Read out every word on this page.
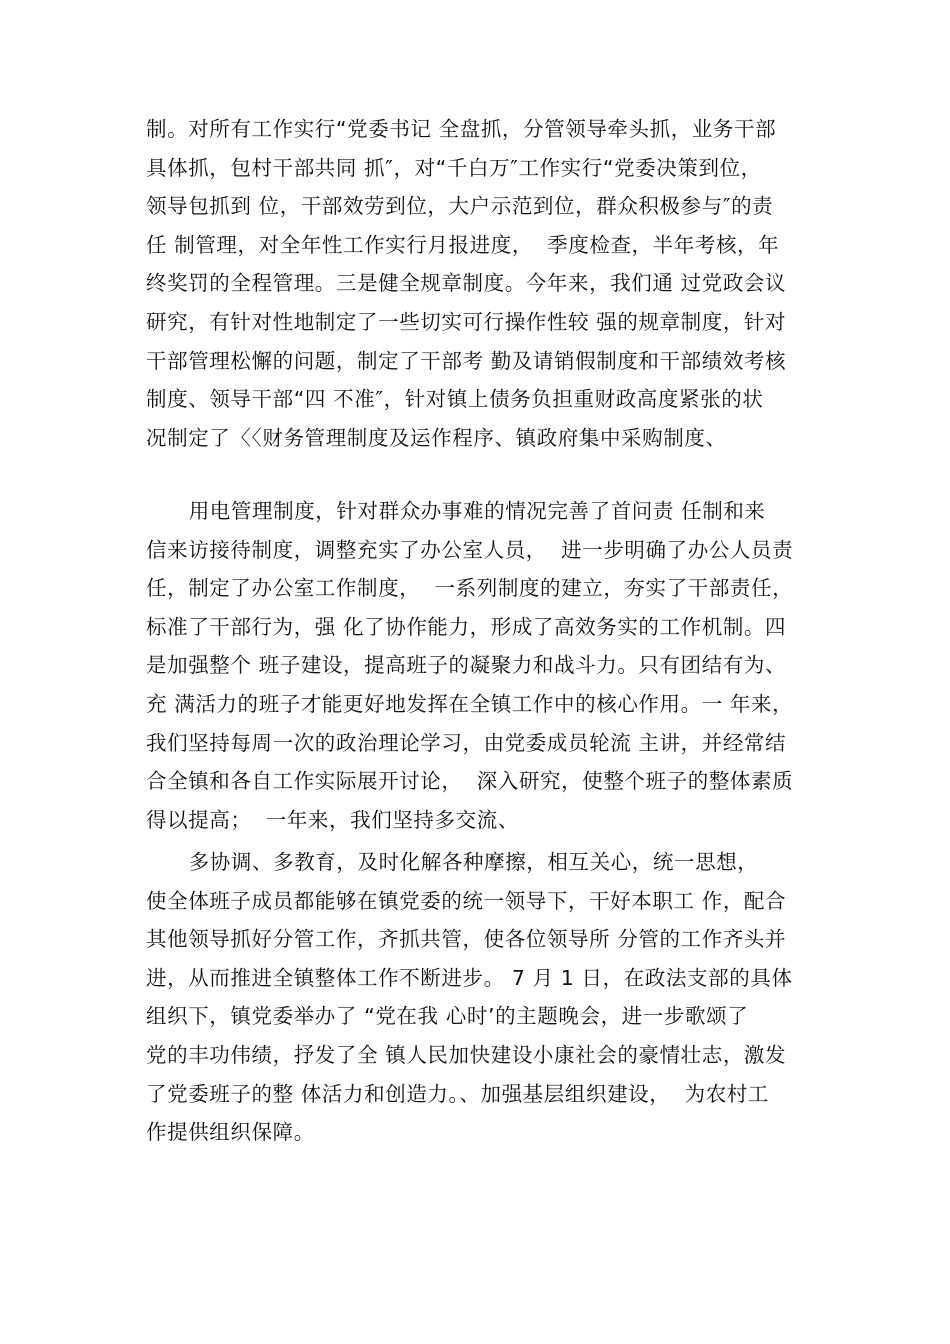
制。对所有工作实行“党委书记 全盘抓，分管领导牵头抓，业务干部
具体抓，包村干部共同 抓″，对“千白万″工作实行“党委决策到位，
领导包抓到 位，干部效劳到位，大户示范到位，群众积极参与″的责
任 制管理，对全年性工作实行月报进度，  季度检查，半年考核，年
终奖罚的全程管理。三是健全规章制度。今年来，我们通 过党政会议
研究，有针对性地制定了一些切实可行操作性较 强的规章制度，针对
干部管理松懈的问题，制定了干部考 勤及请销假制度和干部绩效考核
制度、领导干部“四 不准″，针对镇上债务负担重财政高度紧张的状
况制定了〈〈财务管理制度及运作程序、镇政府集中采购制度、
用电管理制度，针对群众办事难的情况完善了首问责 任制和来
信来访接待制度，调整充实了办公室人员，  进一步明确了办公人员责
任，制定了办公室工作制度，  一系列制度的建立，夯实了干部责任，
标准了干部行为，强 化了协作能力，形成了高效务实的工作机制。四
是加强整个 班子建设，提高班子的凝聚力和战斗力。只有团结有为、
充 满活力的班子才能更好地发挥在全镇工作中的核心作用。一 年来，
我们坚持每周一次的政治理论学习，由党委成员轮流 主讲，并经常结
合全镇和各自工作实际展开讨论，  深入研究，使整个班子的整体素质
得以提高；  一年来，我们坚持多交流、
多协调、多教育，及时化解各种摩擦，相互关心，统一思想，
使全体班子成员都能够在镇党委的统一领导下，干好本职工 作，配合
其他领导抓好分管工作，齐抓共管，使各位领导所 分管的工作齐头并
进，从而推进全镇整体工作不断进步。 7 月 1 日，在政法支部的具体
组织下，镇党委举办了 “党在我 心时’的主题晚会，进一步歌颂了
党的丰功伟绩，抒发了全 镇人民加快建设小康社会的豪情壮志，激发
了党委班子的整 体活力和创造力。、加强基层组织建设，  为农村工
作提供组织保障。
